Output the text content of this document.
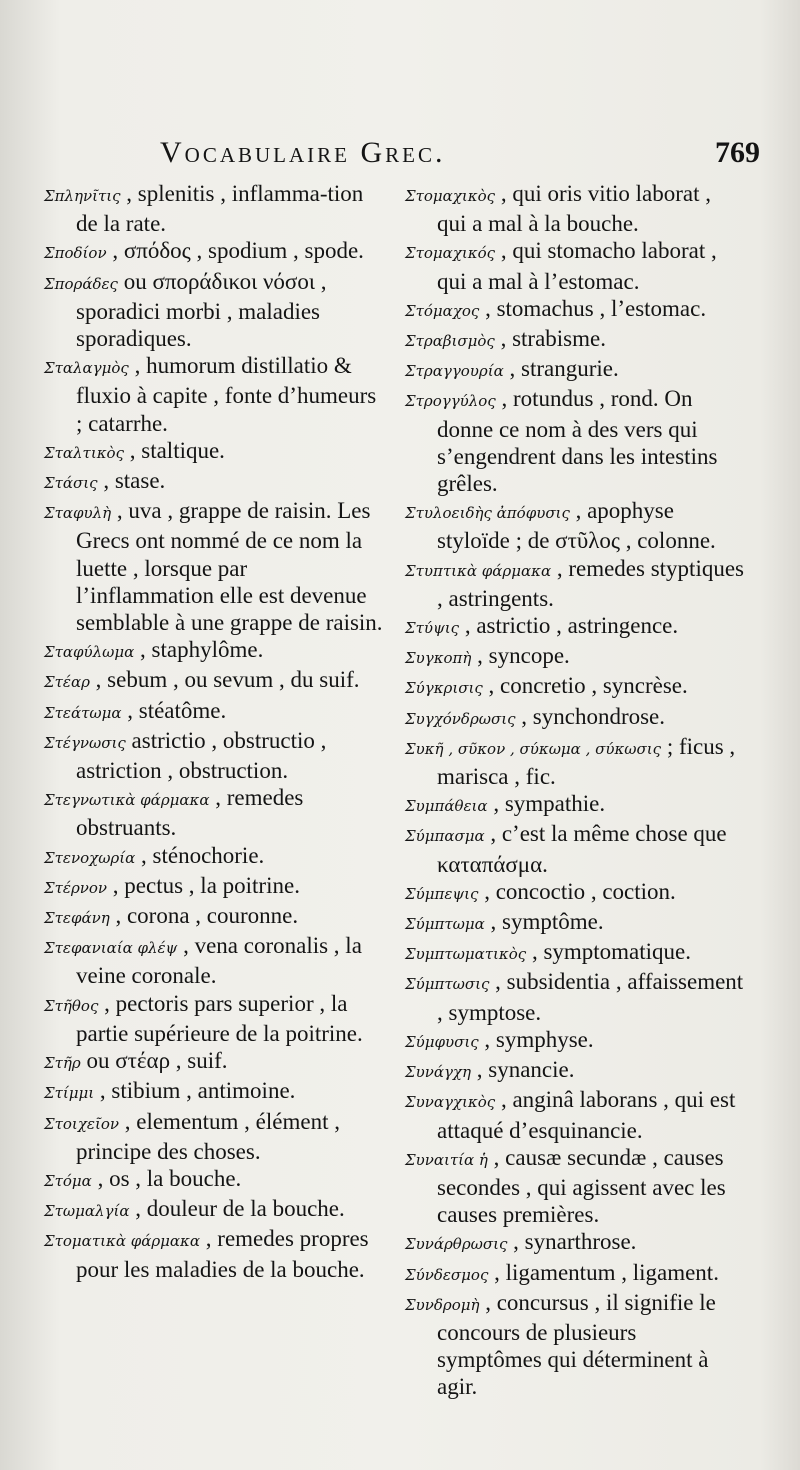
Vocabulaire Grec.	769

Σπληνῖτις , splenitis , inflamma-tion de la rate.

Σποδίον , σπόδος , spodium , spode.

Σποράδες ou σποράδικοι νόσοι , sporadici morbi , maladies sporadiques.

Σταλαγμὸς , humorum distillatio & fluxio à capite , fonte d’humeurs ; catarrhe.

Σταλτικὸς , staltique.

Στάσις , stase.

Σταφυλὴ , uva , grappe de raisin. Les Grecs ont nommé de ce nom la luette , lorsque par l’inflammation elle est devenue semblable à une grappe de raisin.

Σταφύλωμα , staphylôme.

Στέαρ , sebum , ou sevum , du suif.

Στεάτωμα , stéatôme.

Στέγνωσις astrictio , obstructio , astriction , obstruction.

Στεγνωτικὰ φάρμακα , remedes obstruants.

Στενοχωρία , sténochorie.

Στέρνον , pectus , la poitrine.

Στεφάνη , corona , couronne.

Στεφανιαία φλέψ , vena coronalis , la veine coronale.

Στῆθος , pectoris pars superior , la partie supérieure de la poitrine.

Στῆρ ou στέαρ , suif.

Στίμμι , stibium , antimoine.

Στοιχεῖον , elementum , élément , principe des choses.

Στόμα , os , la bouche.

Στωμαλγία , douleur de la bouche.

Στοματικὰ φάρμακα , remedes propres pour les maladies de la bouche.

Στομαχικὸς , qui oris vitio laborat , qui a mal à la bouche.

Στομαχικός , qui stomacho laborat , qui a mal à l’estomac.

Στόμαχος , stomachus , l’estomac.

Στραβισμὸς , strabisme.

Στραγγουρία , strangurie.

Στρογγύλος , rotundus , rond. On donne ce nom à des vers qui s’engendrent dans les intestins grêles.

Στυλοειδὴς ἀπόφυσις , apophyse styloïde ; de στῦλος , colonne.

Στυπτικὰ φάρμακα , remedes styptiques , astringents.

Στύψις , astrictio , astringence.

Συγκοπὴ , syncope.

Σύγκρισις , concretio , syncrèse.

Συγχόνδρωσις , synchondrose.

Συκῆ , σῦκον , σύκωμα , σύκωσις ; ficus , marisca , fic.

Συμπάθεια , sympathie.

Σύμπασμα , c’est la même chose que καταπάσμα.

Σύμπεψις , concoctio , coction.

Σύμπτωμα , symptôme.

Συμπτωματικὸς , symptomatique.

Σύμπτωσις , subsidentia , affaissement , symptose.

Σύμφυσις , symphyse.

Συνάγχη , synancie.

Συναγχικὸς , anginâ laborans , qui est attaqué d’esquinancie.

Συναιτία ἡ , causæ secundæ , causes secondes , qui agissent avec les causes premières.

Συνάρθρωσις , synarthrose.

Σύνδεσμος , ligamentum , ligament.

Συνδρομὴ , concursus , il signifie le concours de plusieurs symptômes qui déterminent à agir.
